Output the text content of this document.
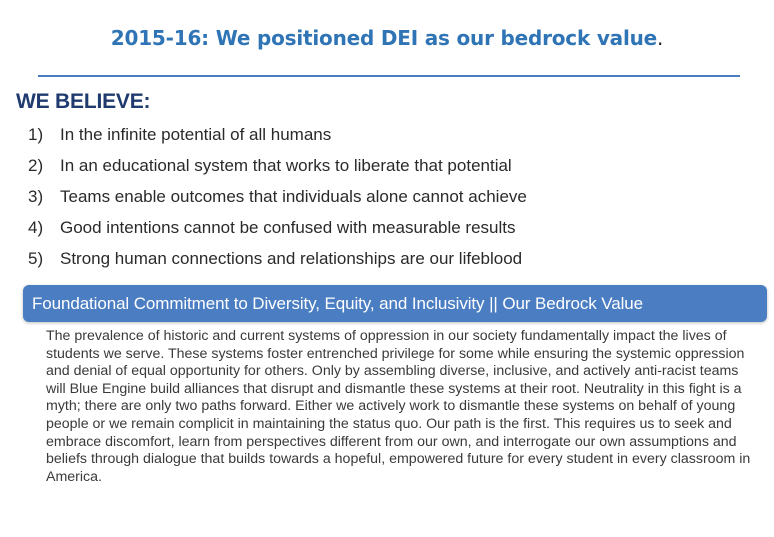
2015-16: We positioned DEI as our bedrock value.
WE BELIEVE:
1) In the infinite potential of all humans
2) In an educational system that works to liberate that potential
3) Teams enable outcomes that individuals alone cannot achieve
4) Good intentions cannot be confused with measurable results
5) Strong human connections and relationships are our lifeblood
Foundational Commitment to Diversity, Equity, and Inclusivity || Our Bedrock Value

The prevalence of historic and current systems of oppression in our society fundamentally impact the lives of students we serve. These systems foster entrenched privilege for some while ensuring the systemic oppression and denial of equal opportunity for others. Only by assembling diverse, inclusive, and actively anti-racist teams will Blue Engine build alliances that disrupt and dismantle these systems at their root. Neutrality in this fight is a myth; there are only two paths forward. Either we actively work to dismantle these systems on behalf of young people or we remain complicit in maintaining the status quo. Our path is the first. This requires us to seek and embrace discomfort, learn from perspectives different from our own, and interrogate our own assumptions and beliefs through dialogue that builds towards a hopeful, empowered future for every student in every classroom in America.
